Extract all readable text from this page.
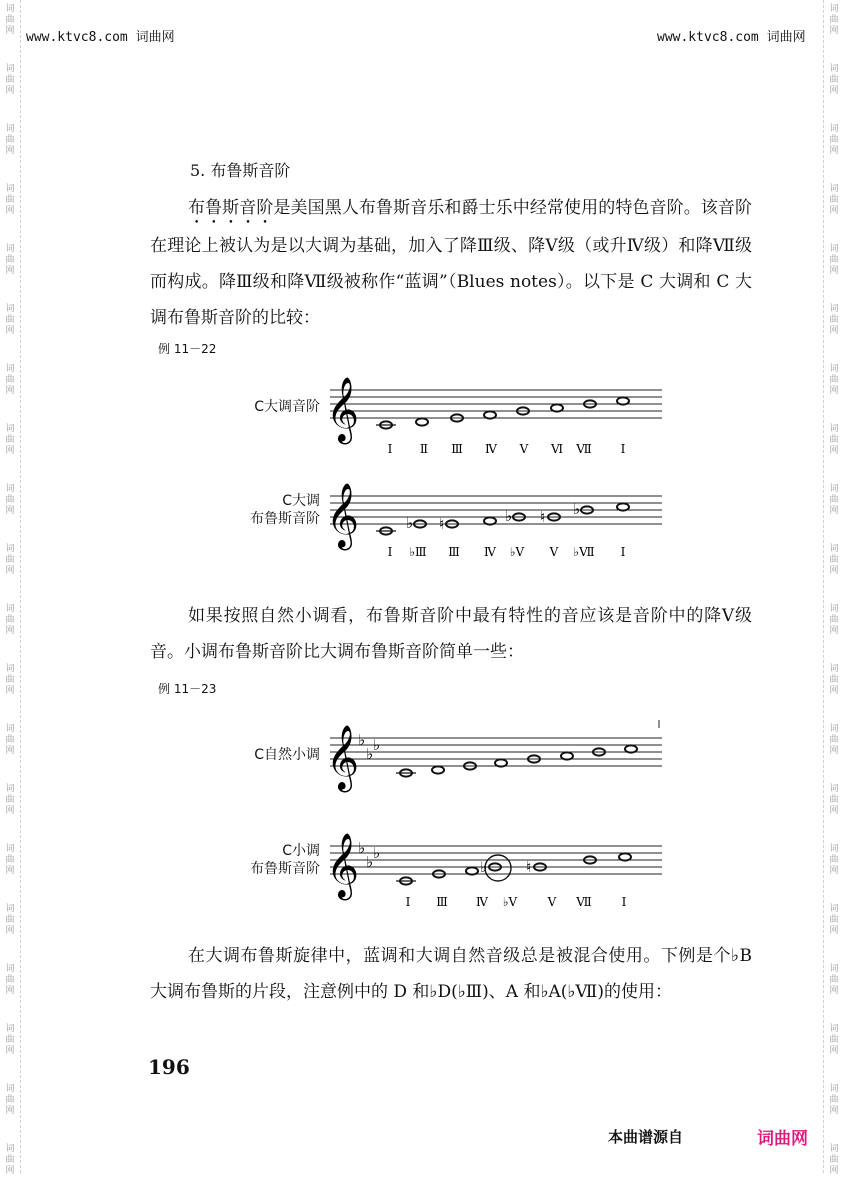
词
曲
网
词
曲
网
词
曲
网
词
曲
网
词
曲
网
词
曲
网
词
曲
网
词
曲
网
词
曲
网
词
曲
网
词
曲
网
词
曲
网
词
曲
网
词
曲
网
词
曲
网
词
曲
网
词
曲
网
词
曲
网
词
曲
网
词
曲
网
词
曲
网
词
曲
网
词
曲
网
词
曲
网
词
曲
网
词
曲
网
词
曲
网
词
曲
网
词
曲
网
词
曲
网
词
曲
网
词
曲
网
词
曲
网
词
曲
网
词
曲
网
词
曲
网
词
曲
网
词
曲
网
词
曲
网
词
曲
网
www.ktvc8.com 词曲网	www.ktvc8.com 词曲网
5. 布鲁斯音阶
布鲁斯音阶是美国黑人布鲁斯音乐和爵士乐中经常使用的特色音阶。该音阶在理论上被认为是以大调为基础，加入了降Ⅲ级、降Ⅴ级（或升Ⅳ级）和降Ⅶ级而构成。降Ⅲ级和降Ⅶ级被称作“蓝调”（Blues notes）。以下是 C 大调和 C 大调布鲁斯音阶的比较：
例 11－22
C大调音阶 𝄞
Ⅰ Ⅱ Ⅲ Ⅳ Ⅴ Ⅵ Ⅶ Ⅰ
C大调
布鲁斯音阶 𝄞	♭ ♮	♭ ♮ ♭
Ⅰ ♭Ⅲ Ⅲ Ⅳ ♭Ⅴ Ⅴ ♭Ⅶ Ⅰ
如果按照自然小调看，布鲁斯音阶中最有特性的音应该是音阶中的降Ⅴ级音。小调布鲁斯音阶比大调布鲁斯音阶简单一些：
例 11－23
C自然小调 𝄞
♭
♭ ♭
C小调
布鲁斯音阶 𝄞
♭
♭ ♭
♭	♮
Ⅰ Ⅲ Ⅳ ♭Ⅴ	Ⅴ Ⅶ Ⅰ
在大调布鲁斯旋律中，蓝调和大调自然音级总是被混合使用。下例是个♭B 大调布鲁斯的片段，注意例中的 D 和♭D(♭Ⅲ)、A 和♭A(♭Ⅶ)的使用：
196
本曲谱源自	词曲网
